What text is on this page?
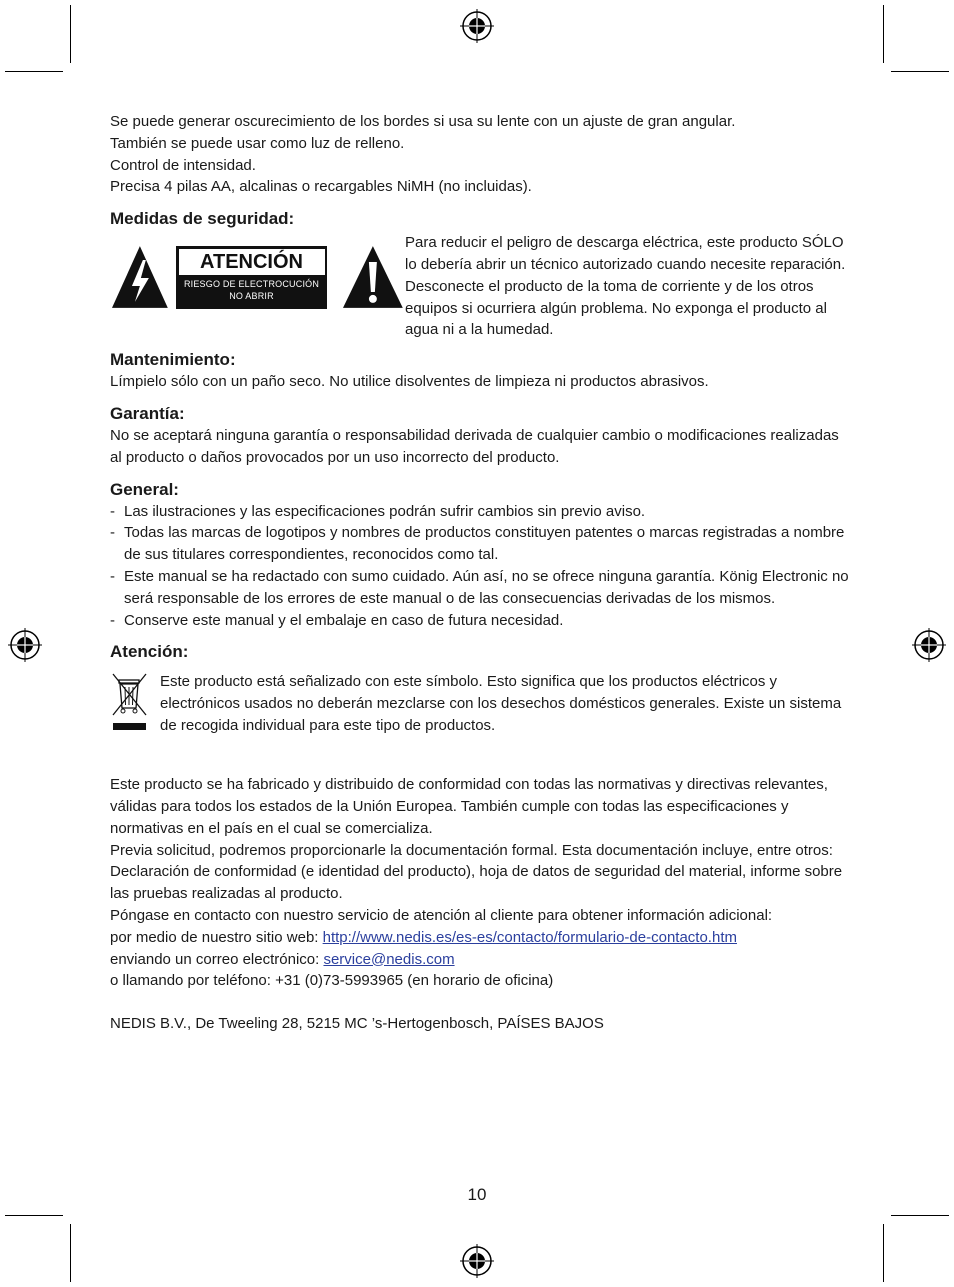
Se puede generar oscurecimiento de los bordes si usa su lente con un ajuste de gran angular.

También se puede usar como luz de relleno.

Control de intensidad.

Precisa 4 pilas AA, alcalinas o recargables NiMH (no incluidas).

Medidas de seguridad:
ATENCIÓN
RIESGO DE ELECTROCUCIÓN
NO ABRIR
Para reducir el peligro de descarga eléctrica, este producto SÓLO lo debería abrir un técnico autorizado cuando necesite reparación. Desconecte el producto de la toma de corriente y de los otros equipos si ocurriera algún problema. No exponga el producto al agua ni a la humedad.
Mantenimiento:

Límpielo sólo con un paño seco. No utilice disolventes de limpieza ni productos abrasivos.

Garantía:

No se aceptará ninguna garantía o responsabilidad derivada de cualquier cambio o modificaciones realizadas al producto o daños provocados por un uso incorrecto del producto.

General:
- Las ilustraciones y las especificaciones podrán sufrir cambios sin previo aviso.
- Todas las marcas de logotipos y nombres de productos constituyen patentes o marcas registradas a nombre de sus titulares correspondientes, reconocidos como tal.
- Este manual se ha redactado con sumo cuidado. Aún así, no se ofrece ninguna garantía. König Electronic no será responsable de los errores de este manual o de las consecuencias derivadas de los mismos.
- Conserve este manual y el embalaje en caso de futura necesidad.
Atención:
Este producto está señalizado con este símbolo. Esto significa que los productos eléctricos y electrónicos usados no deberán mezclarse con los desechos domésticos generales. Existe un sistema de recogida individual para este tipo de productos.

Este producto se ha fabricado y distribuido de conformidad con todas las normativas y directivas relevantes, válidas para todos los estados de la Unión Europea. También cumple con todas las especificaciones y normativas en el país en el cual se comercializa.

Previa solicitud, podremos proporcionarle la documentación formal. Esta documentación incluye, entre otros: Declaración de conformidad (e identidad del producto), hoja de datos de seguridad del material, informe sobre las pruebas realizadas al producto.

Póngase en contacto con nuestro servicio de atención al cliente para obtener información adicional:

por medio de nuestro sitio web: http://www.nedis.es/es-es/contacto/formulario-de-contacto.htm

enviando un correo electrónico: service@nedis.com

o llamando por teléfono: +31 (0)73-5993965 (en horario de oficina)

NEDIS B.V., De Tweeling 28, 5215 MC ’s-Hertogenbosch, PAÍSES BAJOS

10
